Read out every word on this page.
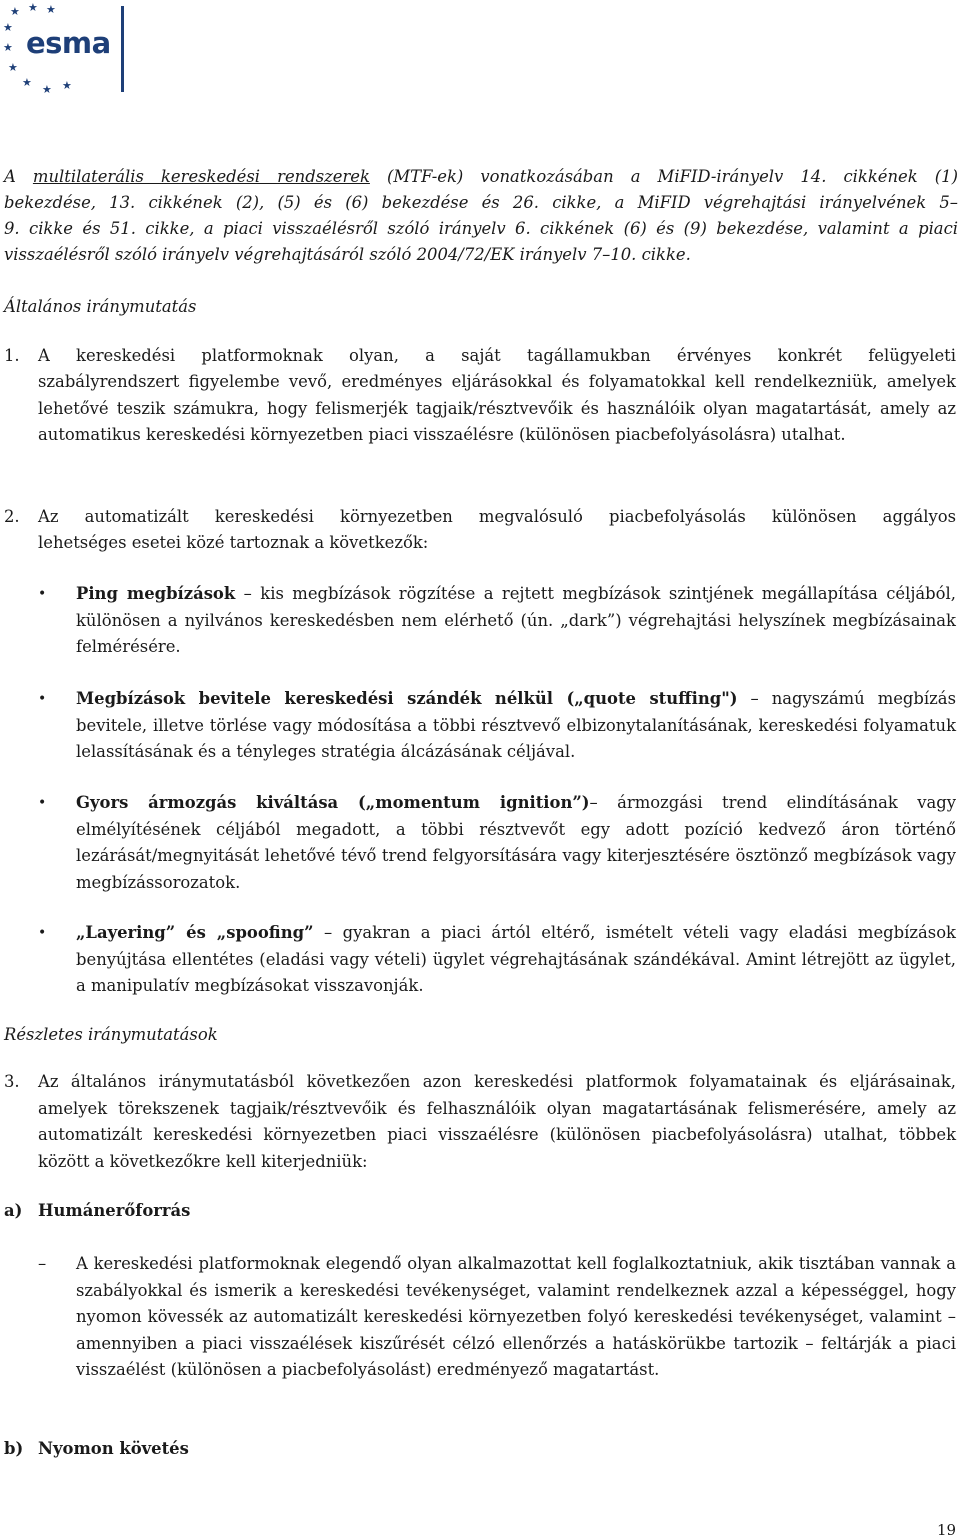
★ ★ ★
★
★
★
★
★ ★
esma
A multilaterális kereskedési rendszerek (MTF-ek) vonatkozásában a MiFID-irányelv 14. cikkének (1)
bekezdése, 13. cikkének (2), (5) és (6) bekezdése és 26. cikke, a MiFID végrehajtási irányelvének 5–
9. cikke és 51. cikke, a piaci visszaélésről szóló irányelv 6. cikkének (6) és (9) bekezdése, valamint a piaci
visszaélésről szóló irányelv végrehajtásáról szóló 2004/72/EK irányelv 7–10. cikke.
Általános iránymutatás
1. A kereskedési platformoknak olyan, a saját tagállamukban érvényes konkrét felügyeleti
szabályrendszert figyelembe vevő, eredményes eljárásokkal és folyamatokkal kell rendelkezniük, amelyek lehetővé teszik számukra, hogy felismerjék tagjaik/résztvevőik és használóik olyan magatartását, amely az automatikus kereskedési környezetben piaci visszaélésre (különösen piacbefolyásolásra) utalhat.
2. Az automatizált kereskedési környezetben megvalósuló piacbefolyásolás különösen aggályos
lehetséges esetei közé tartoznak a következők:
• Ping megbízások – kis megbízások rögzítése a rejtett megbízások szintjének megállapítása céljából, különösen a nyilvános kereskedésben nem elérhető (ún. „dark”) végrehajtási helyszínek megbízásainak felmérésére.
• Megbízások bevitele kereskedési szándék nélkül („quote stuffing") – nagyszámú megbízás bevitele, illetve törlése vagy módosítása a többi résztvevő elbizonytalanításának, kereskedési folyamatuk lelassításának és a tényleges stratégia álcázásának céljával.
• Gyors ármozgás kiváltása („momentum ignition”)– ármozgási trend elindításának vagy elmélyítésének céljából megadott, a többi résztvevőt egy adott pozíció kedvező áron történő lezárását/megnyitását lehetővé tévő trend felgyorsítására vagy kiterjesztésére ösztönző megbízások vagy megbízássorozatok.
• „Layering” és „spoofing” – gyakran a piaci ártól eltérő, ismételt vételi vagy eladási megbízások benyújtása ellentétes (eladási vagy vételi) ügylet végrehajtásának szándékával. Amint létrejött az ügylet, a manipulatív megbízásokat visszavonják.
Részletes iránymutatások
3. Az általános iránymutatásból következően azon kereskedési platformok folyamatainak és eljárásainak, amelyek törekszenek tagjaik/résztvevőik és felhasználóik olyan magatartásának felismerésére, amely az automatizált kereskedési környezetben piaci visszaélésre (különösen piacbefolyásolásra) utalhat, többek között a következőkre kell kiterjedniük:
a) Humánerőforrás
– A kereskedési platformoknak elegendő olyan alkalmazottat kell foglalkoztatniuk, akik tisztában vannak a szabályokkal és ismerik a kereskedési tevékenységet, valamint rendelkeznek azzal a képességgel, hogy nyomon kövessék az automatizált kereskedési környezetben folyó kereskedési tevékenységet, valamint – amennyiben a piaci visszaélések kiszűrését célzó ellenőrzés a hatáskörükbe tartozik – feltárják a piaci visszaélést (különösen a piacbefolyásolást) eredményező magatartást.
b) Nyomon követés
19
